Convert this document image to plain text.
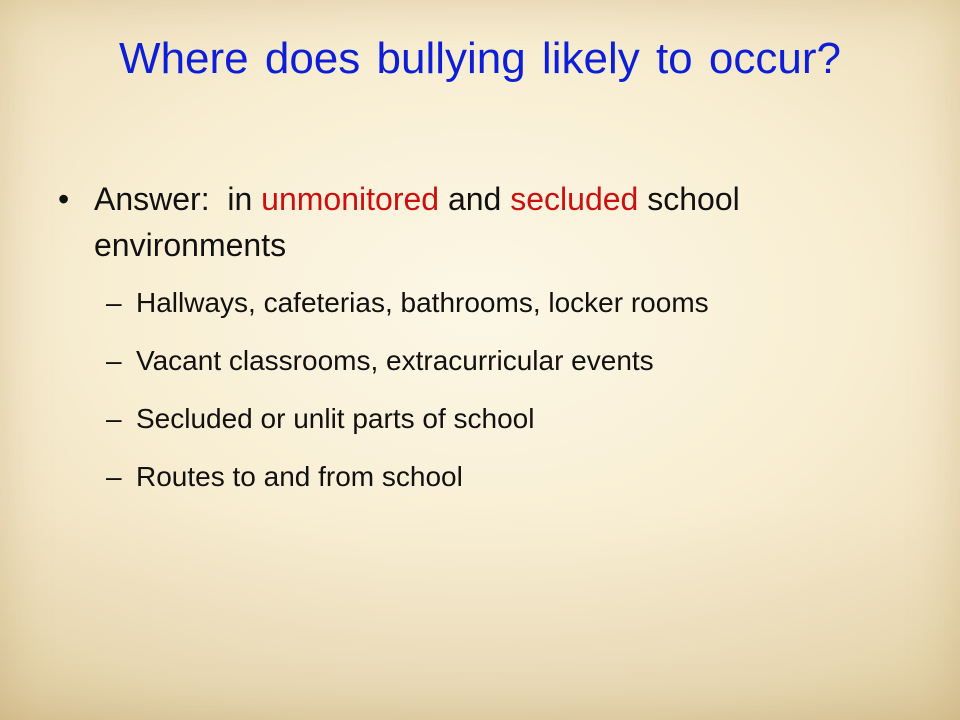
Where does bullying likely to occur?
• Answer:  in unmonitored and secluded school environments
– Hallways, cafeterias, bathrooms, locker rooms
– Vacant classrooms, extracurricular events
– Secluded or unlit parts of school
– Routes to and from school
